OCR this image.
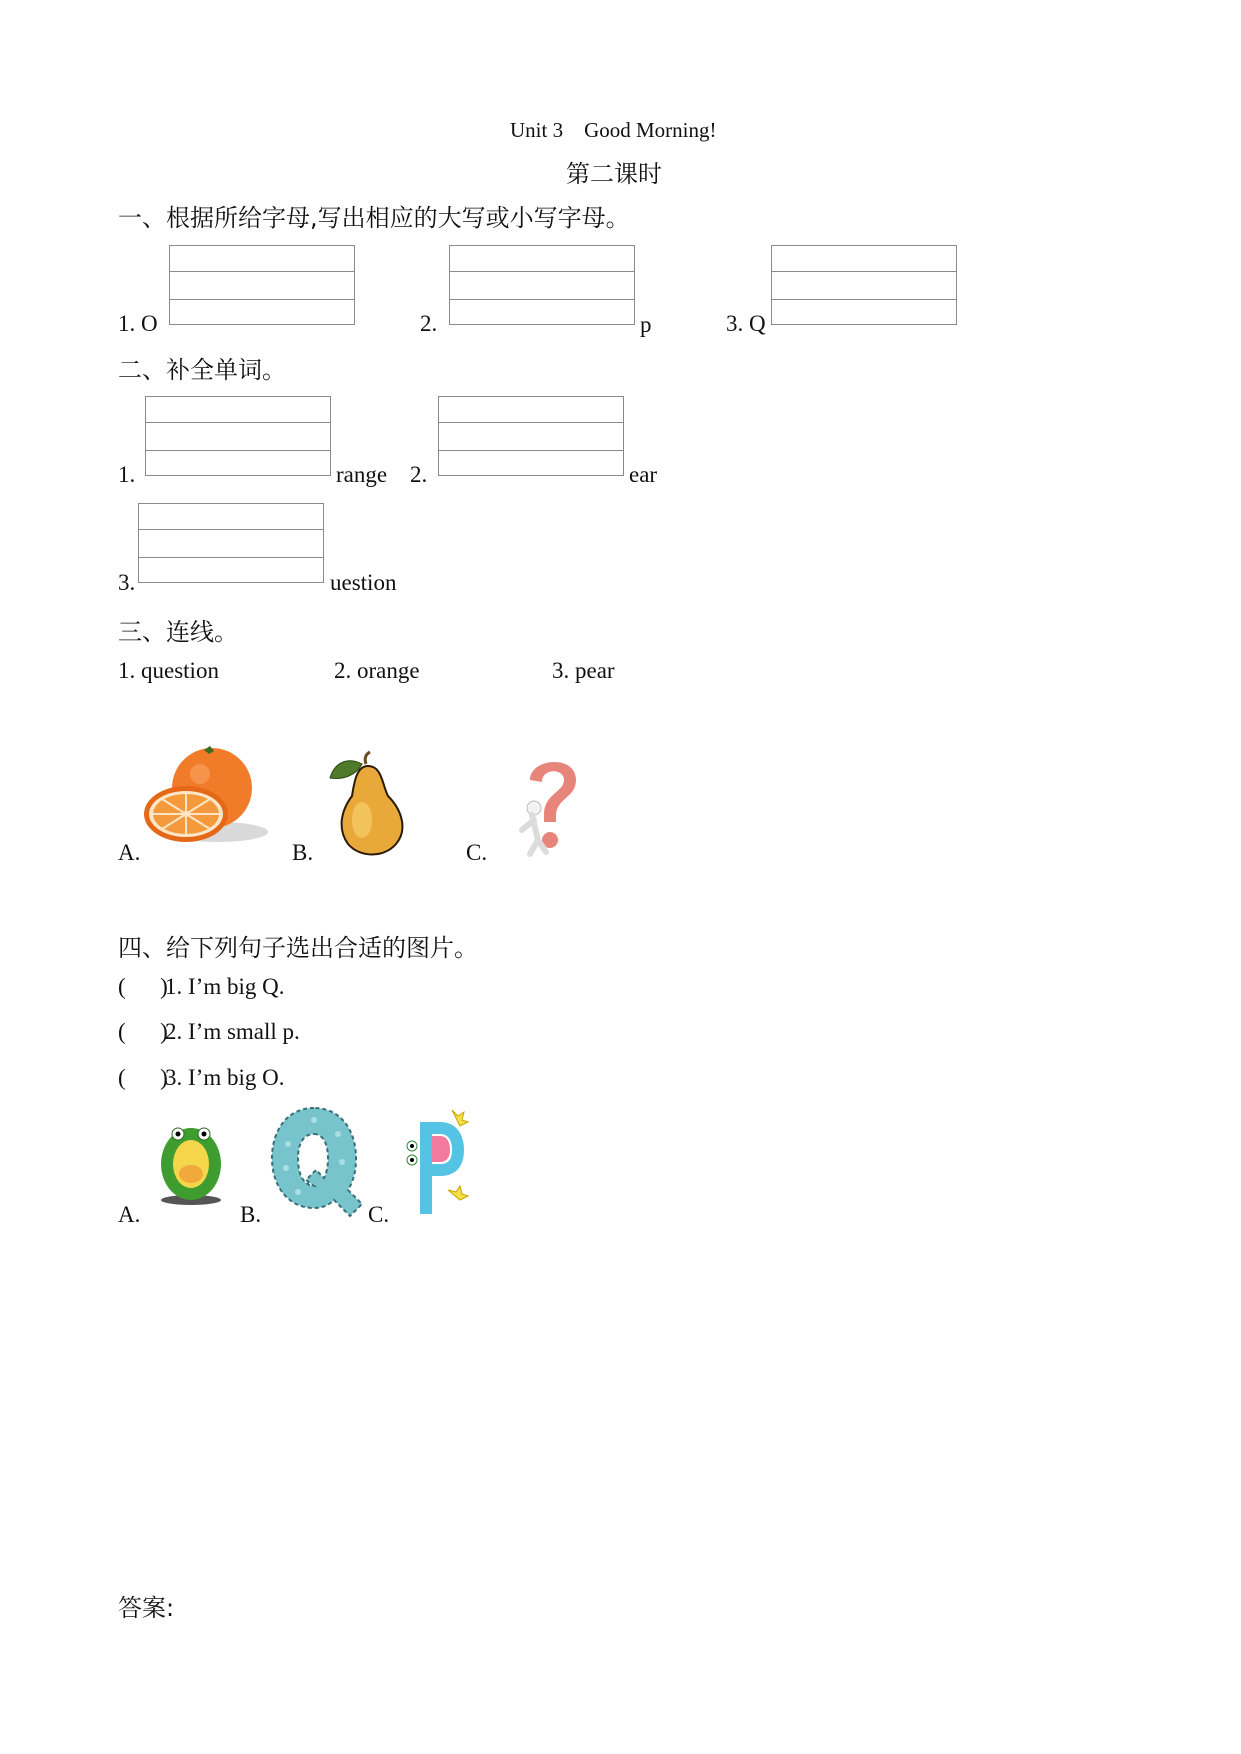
Unit 3    Good Morning!
第二课时
一、根据所给字母,写出相应的大写或小写字母。
1. O	2.	p	3. Q
二、补全单词。
1.	range 2.	ear
3.	uestion
三、连线。
1. question	2. orange	3. pear
A.	B.	C.
四、给下列句子选出合适的图片。
(      )
1. I’m big Q.
(      )
2. I’m small p.
(      )
3. I’m big O.
A.	B.	C.
答案:
